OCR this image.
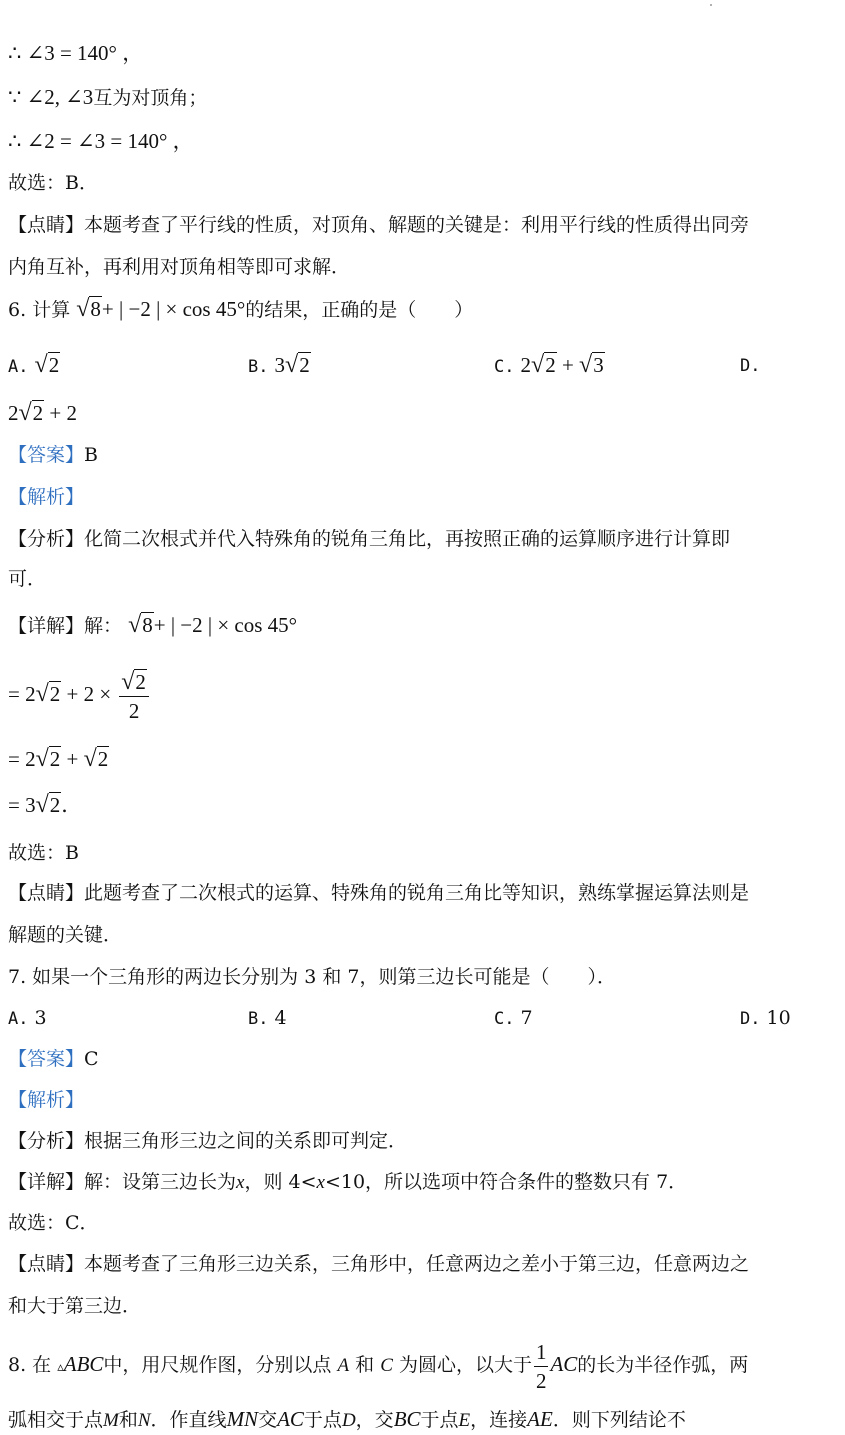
∴ ∠3 = 140° ，
∵ ∠2, ∠3互为对顶角；
∴ ∠2 = ∠3 = 140° ，
故选：B．
【点睛】本题考查了平行线的性质，对顶角、解题的关键是：利用平行线的性质得出同旁
内角互补，再利用对顶角相等即可求解．
6. 计算 √8+ | −2 | × cos 45°的结果，正确的是（　　）
A. √2	B. 3√2	C. 2√2 + √3	D.
2√2 + 2
【答案】B
【解析】
【分析】化简二次根式并代入特殊角的锐角三角比，再按照正确的运算顺序进行计算即
可．
【详解】解： √8+ | −2 | × cos 45°
= $2√2 + 2 \times \frac{√2}{2}$
= 2√2 + √2
= 3√2．
故选：B
【点睛】此题考查了二次根式的运算、特殊角的锐角三角比等知识，熟练掌握运算法则是
解题的关键．
7. 如果一个三角形的两边长分别为 3 和 7，则第三边长可能是（　　）．
A. 3	B. 4	C. 7	D. 10
【答案】C
【解析】
【分析】根据三角形三边之间的关系即可判定．
【详解】解：设第三边长为x，则 4<x<10，所以选项中符合条件的整数只有 7．
故选：C．
【点睛】本题考查了三角形三边关系，三角形中，任意两边之差小于第三边，任意两边之
和大于第三边．
8. 在 ▵ABC中，用尺规作图，分别以点 A 和 C 为圆心，以大于 $\frac{1}{2}$ AC的长为半径作弧，两
弧相交于点M和N．作直线MN交AC于点D，交BC于点E，连接AE．则下列结论不
